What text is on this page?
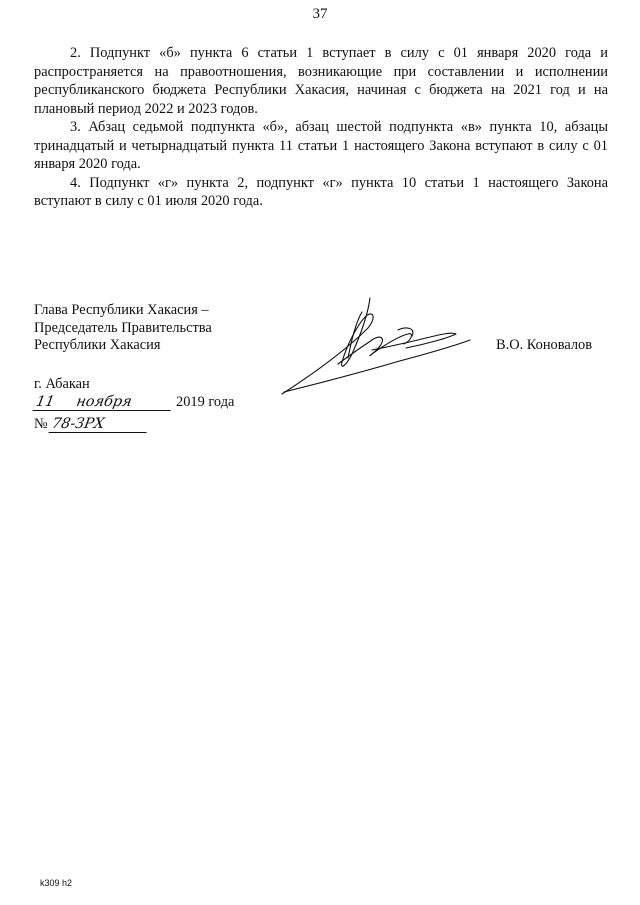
37

2. Подпункт «б» пункта 6 статьи 1 вступает в силу с 01 января 2020 года и распространяется на правоотношения, возникающие при составлении и исполнении республиканского бюджета Республики Хакасия, начиная с бюджета на 2021 год и на плановый период 2022 и 2023 годов.

3. Абзац седьмой подпункта «б», абзац шестой подпункта «в» пункта 10, абзацы тринадцатый и четырнадцатый пункта 11 статьи 1 настоящего Закона вступают в силу с 01 января 2020 года.

4. Подпункт «г» пункта 2, подпункт «г» пункта 10 статьи 1 настоящего Закона вступают в силу с 01 июля 2020 года.

Глава Республики Хакасия –
Председатель Правительства
Республики Хакасия	В.О. Коновалов
г. Абакан
11 ноября	2019 года
№ 78-ЗРХ
k309 h2
